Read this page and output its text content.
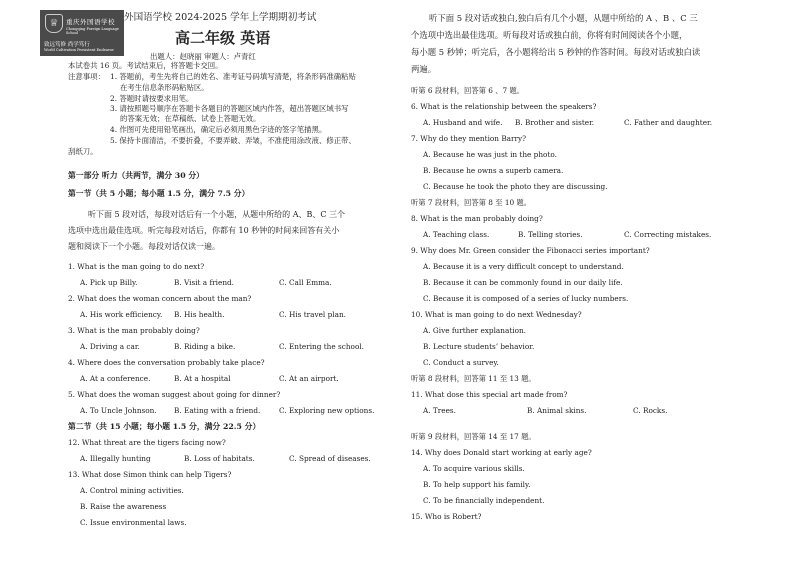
♕	重庆外国语学校
Chongqing Foreign Language School
致远笃修 尚学笃行
World Cultivation Persistent Endeavor
外国语学校 2024-2025 学年上学期期初考试
高二年级 英语
出题人：赵晓丽 审题人：卢青红
本试卷共 16 页。考试结束后，将答题卡交回。
注意事项： 1. 答题前，考生先将自己的姓名、准考证号码填写清楚，将条形码准确粘贴
在考生信息条形码粘贴区。
2. 答题时请按要求用笔。
3. 请按照题号顺序在答题卡各题目的答题区域内作答，超出答题区域书写
的答案无效；在草稿纸、试卷上答题无效。
4. 作图可先使用铅笔画出，确定后必须用黑色字迹的签字笔描黑。
5. 保持卡面清洁，不要折叠，不要弄破、弄皱，不准使用涂改液、修正带、
刮纸刀。
第一部分 听力（共两节，满分 30 分）
第一节（共 5 小题；每小题 1.5 分，满分 7.5 分）
听下面 5 段对话，每段对话后有一个小题，从题中所给的 A、B、C 三个
选项中选出最佳选项。听完每段对话后，你都有 10 秒钟的时间来回答有关小
题和阅读下一个小题。每段对话仅读一遍。
1. What is the man going to do next?
A. Pick up Billy.	B. Visit a friend.	C. Call Emma.
2. What does the woman concern about the man?
A. His work efficiency. B. His health.	C. His travel plan.
3. What is the man probably doing?
A. Driving a car.	B. Riding a bike.	C. Entering the school.
4. Where does the conversation probably take place?
A. At a conference.	B. At a hospital	C. At an airport.
5. What does the woman suggest about going for dinner?
A. To Uncle Johnson. B. Eating with a friend.	C. Exploring new options.
第二节（共 15 小题；每小题 1.5 分，满分 22.5 分）
12. What threat are the tigers facing now?
A. Illegally hunting	B. Loss of habitats.	C. Spread of diseases.
13. What dose Simon think can help Tigers?
A. Control mining activities.
B. Raise the awareness
C. Issue environmental laws.
听下面 5 段对话或独白,独白后有几个小题，从题中所给的 A 、B 、C 三
个选项中选出最佳选项。听每段对话或独白前，你将有时间阅读各个小题，
每小题 5 秒钟；听完后，各小题将给出 5 秒钟的作答时间。每段对话或独白读
两遍。
听第 6 段材料，回答第 6 、7 题。
6. What is the relationship between the speakers?
A. Husband and wife. B. Brother and sister.	C. Father and daughter.
7. Why do they mention Barry?
A. Because he was just in the photo.
B. Because he owns a superb camera.
C. Because he took the photo they are discussing.
听第 7 段材料，回答第 8 至 10 题。
8. What is the man probably doing?
A. Teaching class.	B. Telling stories.	C. Correcting mistakes.
9. Why does Mr. Green consider the Fibonacci series important?
A. Because it is a very difficult concept to understand.
B. Because it can be commonly found in our daily life.
C. Because it is composed of a series of lucky numbers.
10. What is man going to do next Wednesday?
A. Give further explanation.
B. Lecture students’ behavior.
C. Conduct a survey.
听第 8 段材料，回答第 11 至 13 题。
11. What dose this special art made from?
A. Trees.	B. Animal skins.	C. Rocks.
听第 9 段材料，回答第 14 至 17 题。
14. Why does Donald start working at early age?
A. To acquire various skills.
B. To help support his family.
C. To be financially independent.
15. Who is Robert?
